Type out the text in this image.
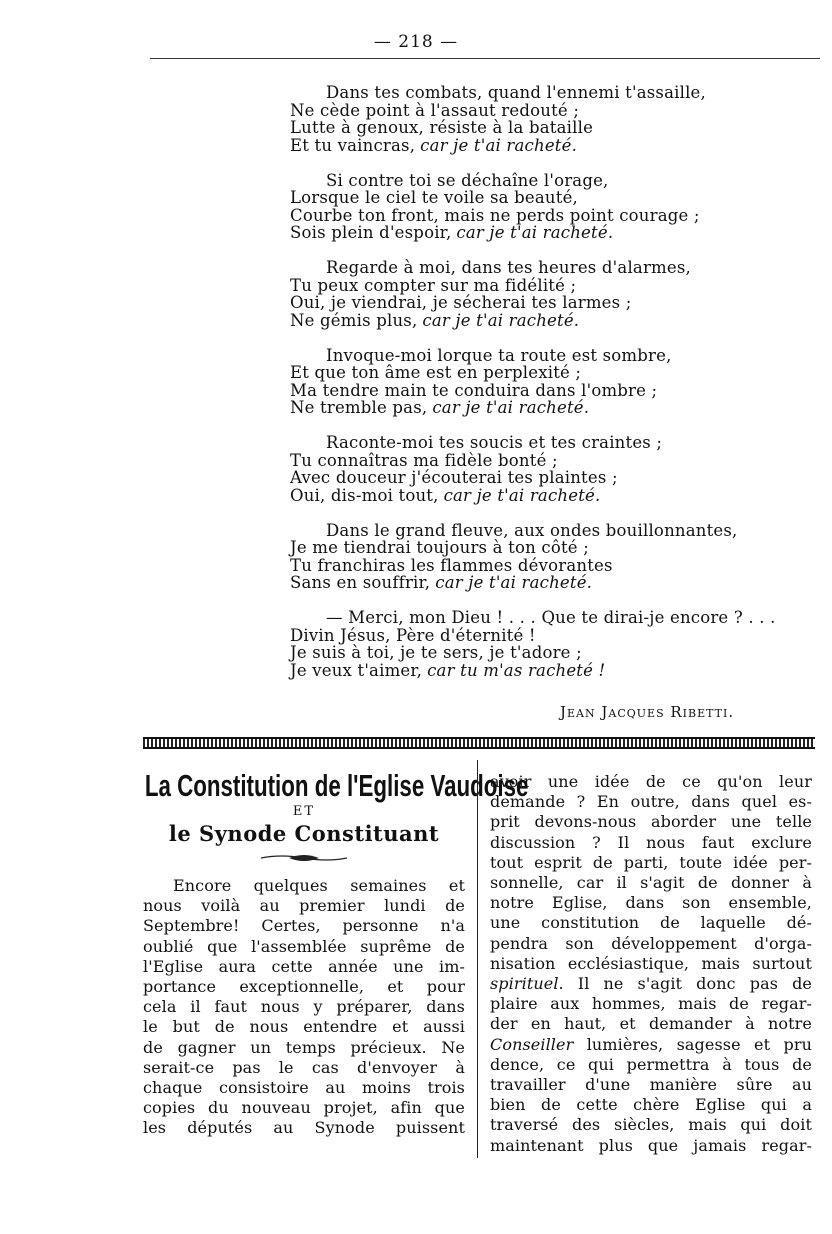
— 218 —
Dans tes combats, quand l'ennemi t'assaille,
Ne cède point à l'assaut redouté ;
Lutte à genoux, résiste à la bataille
Et tu vaincras, car je t'ai racheté.
Si contre toi se déchaîne l'orage,
Lorsque le ciel te voile sa beauté,
Courbe ton front, mais ne perds point courage ;
Sois plein d'espoir, car je t'ai racheté.
Regarde à moi, dans tes heures d'alarmes,
Tu peux compter sur ma fidélité ;
Oui, je viendrai, je sécherai tes larmes ;
Ne gémis plus, car je t'ai racheté.
Invoque-moi lorque ta route est sombre,
Et que ton âme est en perplexité ;
Ma tendre main te conduira dans l'ombre ;
Ne tremble pas, car je t'ai racheté.
Raconte-moi tes soucis et tes craintes ;
Tu connaîtras ma fidèle bonté ;
Avec douceur j'écouterai tes plaintes ;
Oui, dis-moi tout, car je t'ai racheté.
Dans le grand fleuve, aux ondes bouillonnantes,
Je me tiendrai toujours à ton côté ;
Tu franchiras les flammes dévorantes
Sans en souffrir, car je t'ai racheté.
— Merci, mon Dieu ! . . . Que te dirai-je encore ? . . .
Divin Jésus, Père d'éternité !
Je suis à toi, je te sers, je t'adore ;
Je veux t'aimer, car tu m'as racheté !
Jean Jacques Ribetti.
La Constitution de l'Eglise Vaudoise
ET
le Synode Constituant
Encore quelques semaines et
nous voilà au premier lundi de
Septembre! Certes, personne n'a
oublié que l'assemblée suprême de
l'Eglise aura cette année une im-
portance exceptionnelle, et pour
cela il faut nous y préparer, dans
le but de nous entendre et aussi
de gagner un temps précieux. Ne
serait-ce pas le cas d'envoyer à
chaque consistoire au moins trois
copies du nouveau projet, afin que
les députés au Synode puissent
avoir une idée de ce qu'on leur
demande ? En outre, dans quel es-
prit devons-nous aborder une telle
discussion ? Il nous faut exclure
tout esprit de parti, toute idée per-
sonnelle, car il s'agit de donner à
notre Eglise, dans son ensemble,
une constitution de laquelle dé-
pendra son développement d'orga-
nisation ecclésiastique, mais surtout
spirituel. Il ne s'agit donc pas de
plaire aux hommes, mais de regar-
der en haut, et demander à notre
Conseiller lumières, sagesse et pru
dence, ce qui permettra à tous de
travailler d'une manière sûre au
bien de cette chère Eglise qui a
traversé des siècles, mais qui doit
maintenant plus que jamais regar-
